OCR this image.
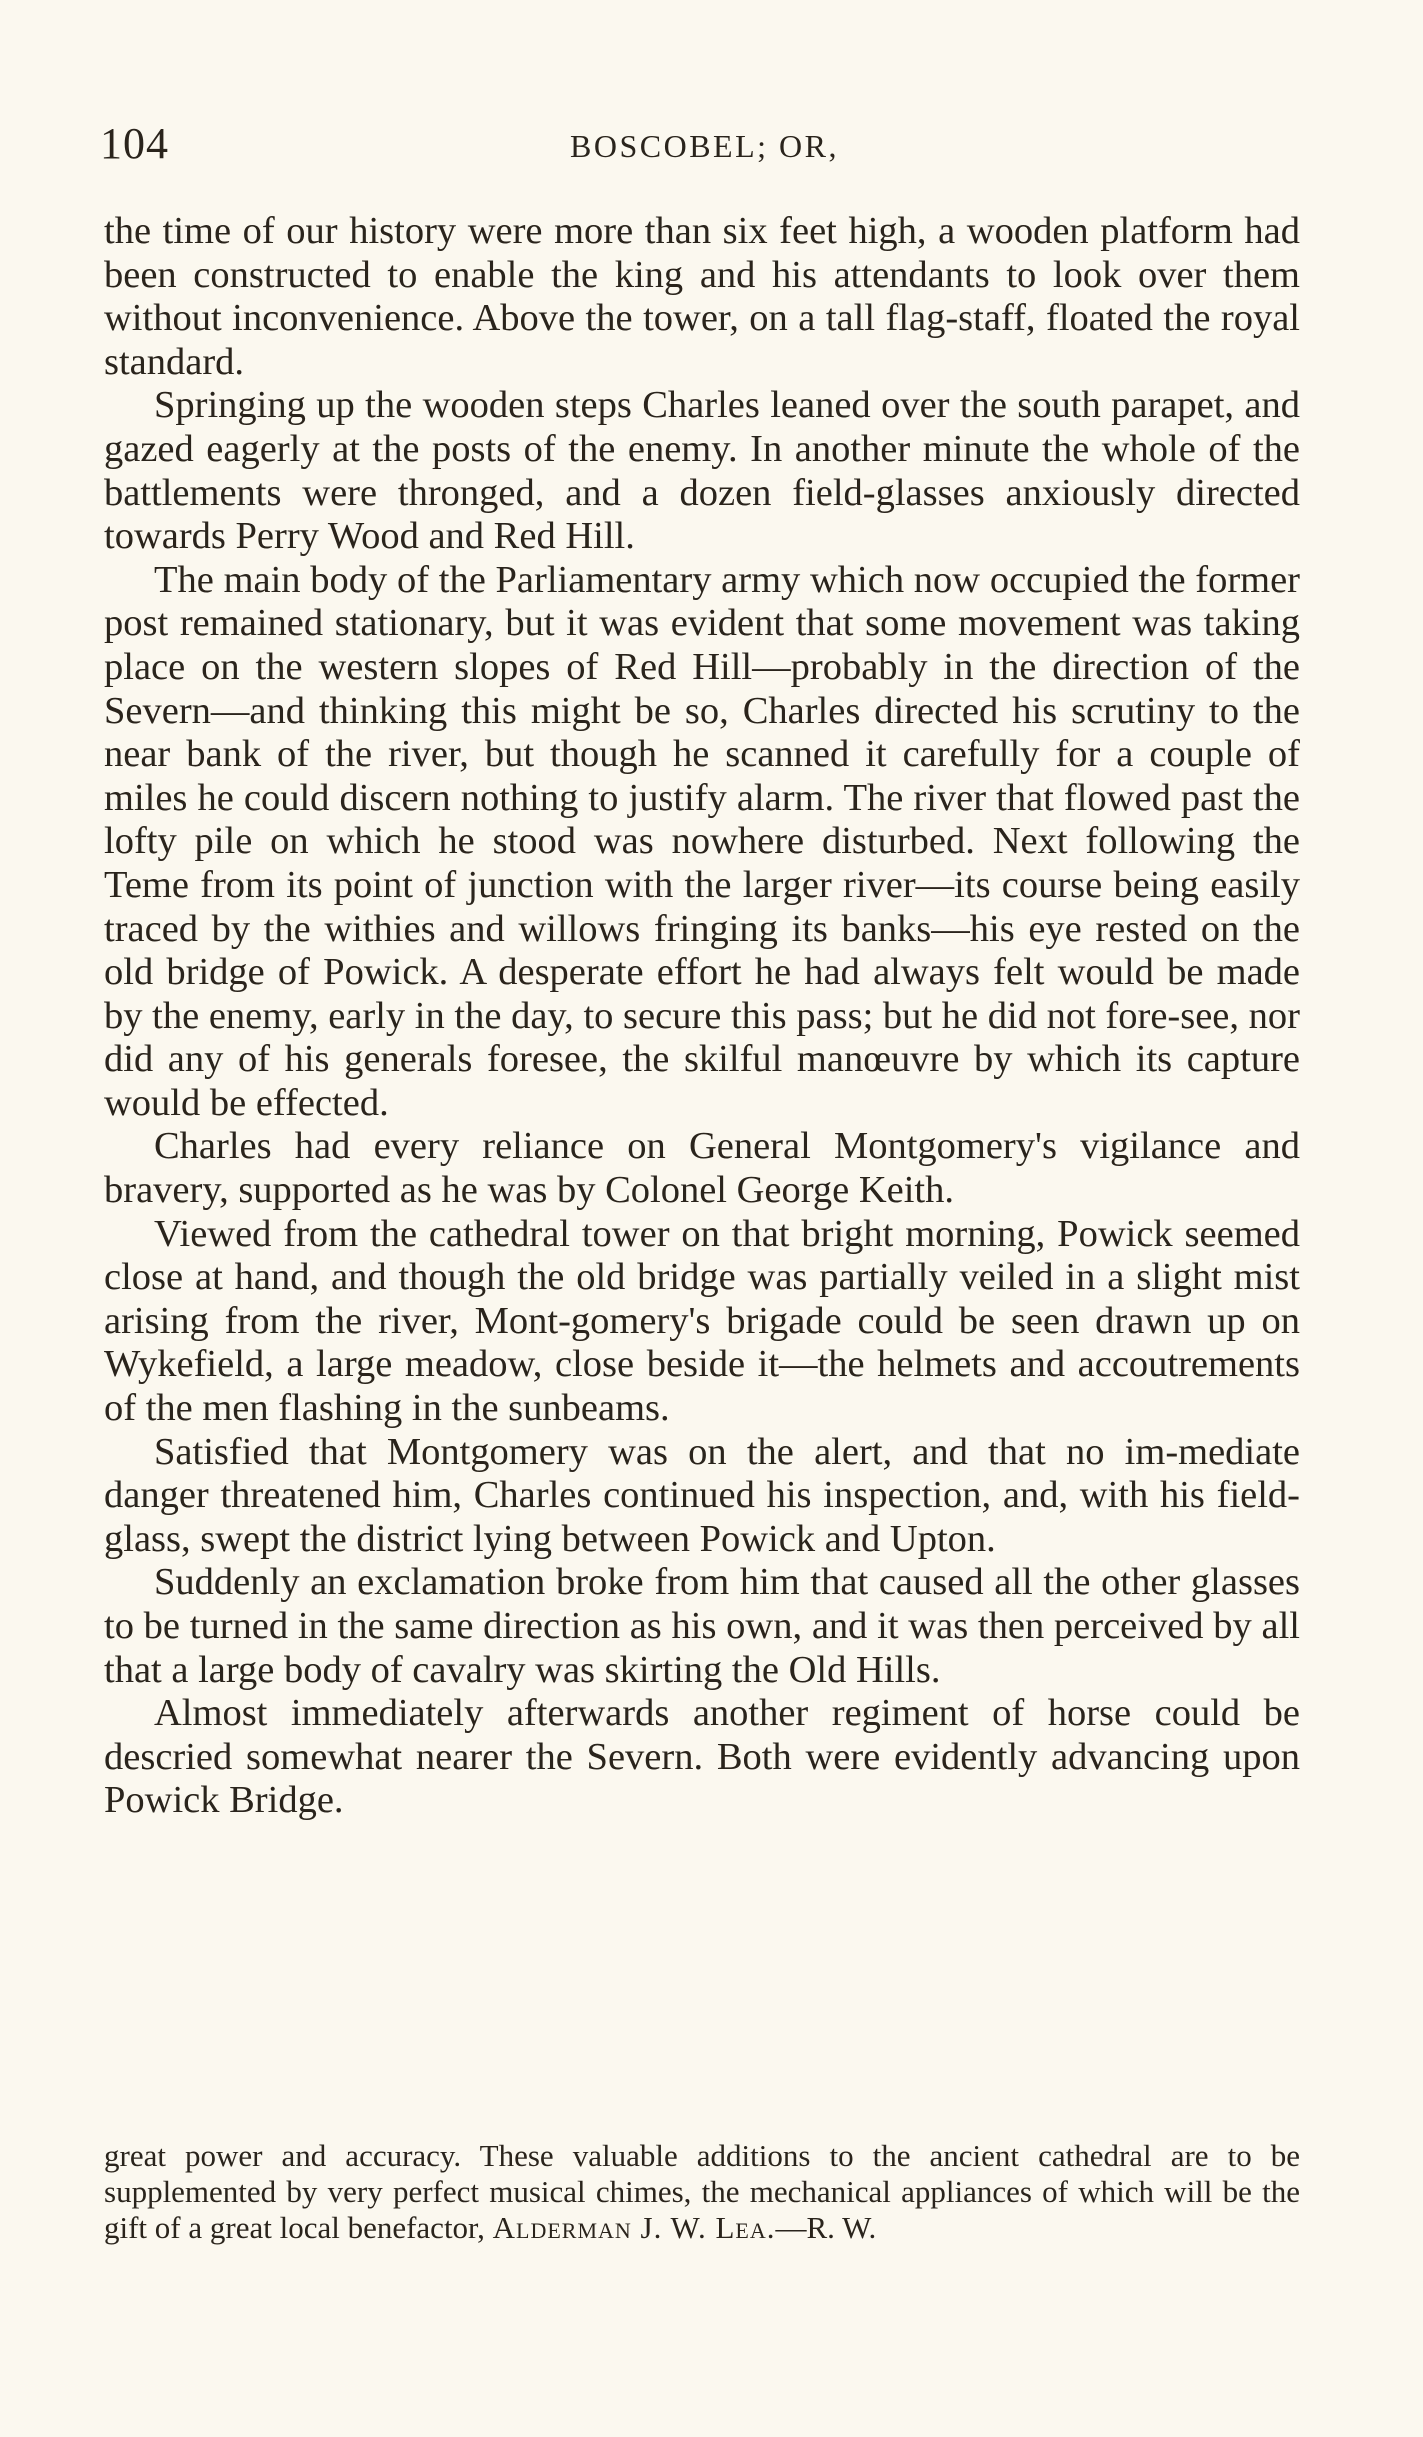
104	BOSCOBEL; OR,

the time of our history were more than six feet high, a wooden platform had been constructed to enable the king and his attendants to look over them without inconvenience. Above the tower, on a tall flag-staff, floated the royal standard.

Springing up the wooden steps Charles leaned over the south parapet, and gazed eagerly at the posts of the enemy. In another minute the whole of the battlements were thronged, and a dozen field-glasses anxiously directed towards Perry Wood and Red Hill.

The main body of the Parliamentary army which now occupied the former post remained stationary, but it was evident that some movement was taking place on the western slopes of Red Hill—probably in the direction of the Severn—and thinking this might be so, Charles directed his scrutiny to the near bank of the river, but though he scanned it carefully for a couple of miles he could discern nothing to justify alarm. The river that flowed past the lofty pile on which he stood was nowhere disturbed. Next following the Teme from its point of junction with the larger river—its course being easily traced by the withies and willows fringing its banks—his eye rested on the old bridge of Powick. A desperate effort he had always felt would be made by the enemy, early in the day, to secure this pass; but he did not fore-see, nor did any of his generals foresee, the skilful manœuvre by which its capture would be effected.

Charles had every reliance on General Montgomery's vigilance and bravery, supported as he was by Colonel George Keith.

Viewed from the cathedral tower on that bright morning, Powick seemed close at hand, and though the old bridge was partially veiled in a slight mist arising from the river, Mont-gomery's brigade could be seen drawn up on Wykefield, a large meadow, close beside it—the helmets and accoutrements of the men flashing in the sunbeams.

Satisfied that Montgomery was on the alert, and that no im-mediate danger threatened him, Charles continued his inspection, and, with his field-glass, swept the district lying between Powick and Upton.

Suddenly an exclamation broke from him that caused all the other glasses to be turned in the same direction as his own, and it was then perceived by all that a large body of cavalry was skirting the Old Hills.

Almost immediately afterwards another regiment of horse could be descried somewhat nearer the Severn. Both were evidently advancing upon Powick Bridge.

great power and accuracy. These valuable additions to the ancient cathedral are to be supplemented by very perfect musical chimes, the mechanical appliances of which will be the gift of a great local benefactor, Alderman J. W. Lea.—R. W.
